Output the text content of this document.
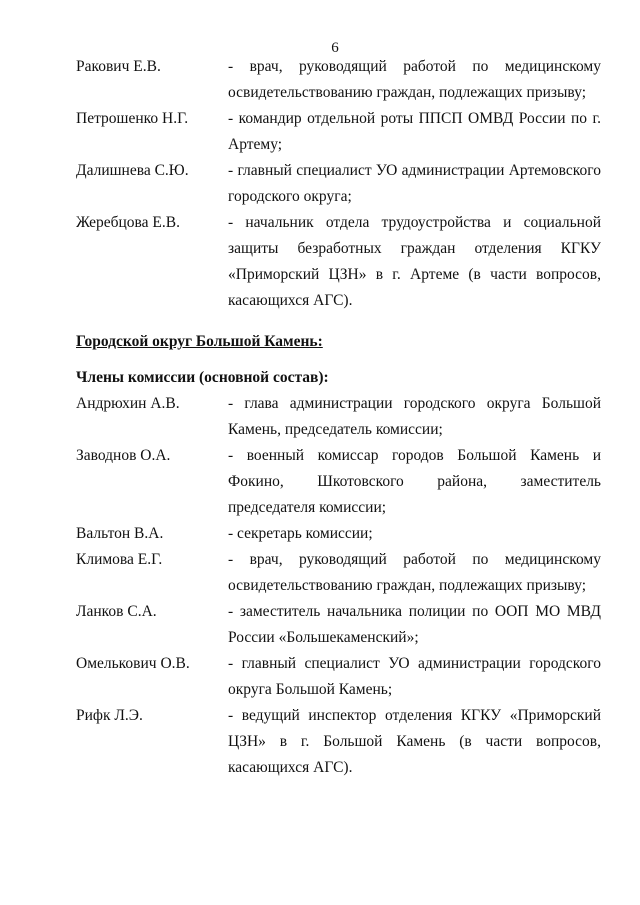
6
Ракович Е.В.	- врач, руководящий работой по медицинскому освидетельствованию граждан, подлежащих призыву;
Петрошенко Н.Г.	- командир отдельной роты ППСП ОМВД России по г. Артему;
Далишнева С.Ю.	- главный специалист УО администрации Артемовского городского округа;
Жеребцова Е.В.	- начальник отдела трудоустройства и социальной защиты безработных граждан отделения КГКУ «Приморский ЦЗН» в г. Артеме (в части вопросов, касающихся АГС).
Городской округ Большой Камень:
Члены комиссии (основной состав):
Андрюхин А.В.	- глава администрации городского округа Большой Камень, председатель комиссии;
Заводнов О.А.	- военный комиссар городов Большой Камень и Фокино, Шкотовского района, заместитель председателя комиссии;
Вальтон В.А.	- секретарь комиссии;
Климова Е.Г.	- врач, руководящий работой по медицинскому освидетельствованию граждан, подлежащих призыву;
Ланков С.А.	- заместитель начальника полиции по ООП МО МВД России «Большекаменский»;
Омелькович О.В. - главный специалист УО администрации городского округа Большой Камень;
Рифк Л.Э.	- ведущий инспектор отделения КГКУ «Приморский ЦЗН» в г. Большой Камень (в части вопросов, касающихся АГС).
